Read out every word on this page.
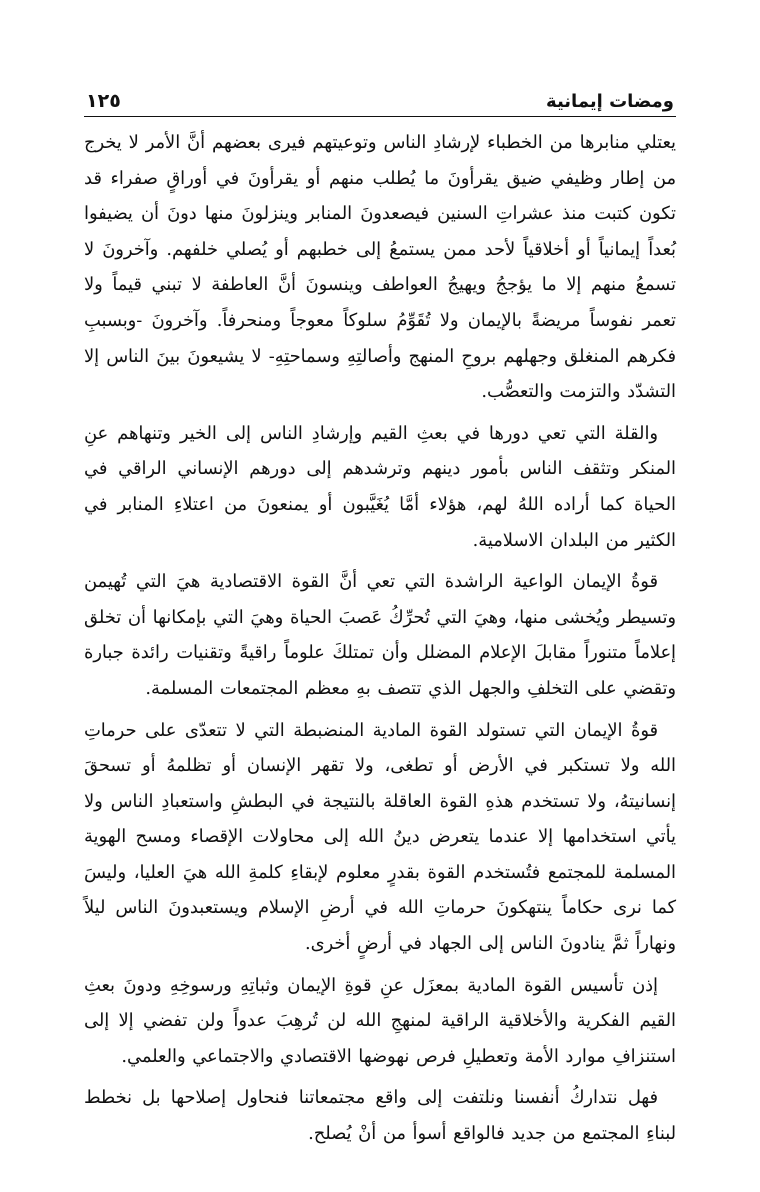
ومضات إيمانية
١٢٥

يعتلي منابرها من الخطباء لإرشادِ الناس وتوعيتهم فيرى بعضهم أنَّ الأمر لا يخرج من إطار وظيفي ضيق يقرأونَ ما يُطلب منهم أو يقرأونَ في أوراقٍ صفراء قد تكون كتبت منذ عشراتِ السنين فيصعدونَ المنابر وينزلونَ منها دونَ أن يضيفوا بُعداً إيمانياً أو أخلاقياً لأحد ممن يستمعُ إلى خطبهم أو يُصلي خلفهم. وآخرونَ لا تسمعُ منهم إلا ما يؤججُ ويهيجُ العواطف وينسونَ أنَّ العاطفة لا تبني قيماً ولا تعمر نفوساً مريضةً بالإيمان ولا تُقَوِّمُ سلوكاً معوجاً ومنحرفاً. وآخرونَ -وبسببِ فكرهم المنغلق وجهلهم بروحِ المنهج وأصالتِهِ وسماحتِهِ- لا يشيعونَ بينَ الناس إلا التشدّد والتزمت والتعصُّب.

والقلة التي تعي دورها في بعثِ القيم وإرشادِ الناس إلى الخير وتنهاهم عنِ المنكر وتثقف الناس بأمور دينهم وترشدهم إلى دورهم الإنساني الراقي في الحياة كما أراده اللهُ لهم، هؤلاء أمَّا يُغَيَّبون أو يمنعونَ من اعتلاءِ المنابر في الكثير من البلدان الاسلامية.

قوةُ الإيمان الواعية الراشدة التي تعي أنَّ القوة الاقتصادية هيَ التي تُهيمن وتسيطر ويُخشى منها، وهيَ التي تُحرِّكُ عَصبَ الحياة وهيَ التي بإمكانها أن تخلق إعلاماً متنوراً مقابلَ الإعلام المضلل وأن تمتلكَ علوماً راقيةً وتقنيات رائدة جبارة وتقضي على التخلفِ والجهل الذي تتصف بهِ معظم المجتمعات المسلمة.

قوةُ الإيمان التي تستولد القوة المادية المنضبطة التي لا تتعدّى على حرماتِ الله ولا تستكبر في الأرض أو تطغى، ولا تقهر الإنسان أو تظلمهُ أو تسحقَ إنسانيتهُ، ولا تستخدم هذهِ القوة العاقلة بالنتيجة في البطشِ واستعبادِ الناس ولا يأتي استخدامها إلا عندما يتعرض دينُ الله إلى محاولات الإقصاء ومسح الهوية المسلمة للمجتمع فتُستخدم القوة بقدرٍ معلوم لإبقاءِ كلمةِ الله هيَ العليا، وليسَ كما نرى حكاماً ينتهكونَ حرماتِ الله في أرضِ الإسلام ويستعبدونَ الناس ليلاً ونهاراً ثمَّ ينادونَ الناس إلى الجهاد في أرضٍ أخرى.

إذن تأسيس القوة المادية بمعزَل عنِ قوةِ الإيمان وثباتِهِ ورسوخِهِ ودونَ بعثِ القيم الفكرية والأخلاقية الراقية لمنهجِ الله لن تُرهِبَ عدواً ولن تفضي إلا إلى استنزافِ موارد الأمة وتعطيلِ فرص نهوضها الاقتصادي والاجتماعي والعلمي.

فهل نتداركُ أنفسنا ونلتفت إلى واقع مجتمعاتنا فنحاول إصلاحها بل نخطط لبناءِ المجتمع من جديد فالواقع أسوأ من أنْ يُصلح.
